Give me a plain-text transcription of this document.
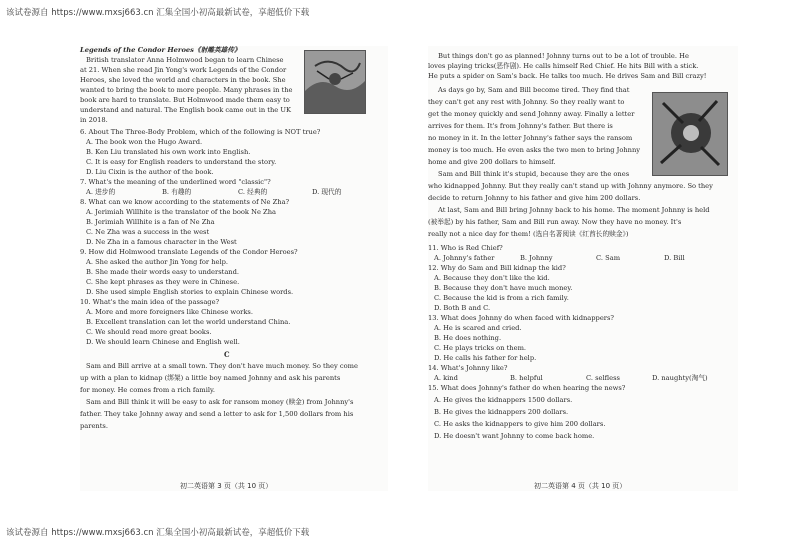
该试卷源自 https://www.mxsj663.cn 汇集全国小初高最新试卷，享超低价下载
该试卷源自 https://www.mxsj663.cn 汇集全国小初高最新试卷，享超低价下载
Legends of the Condor Heroes《射雕英雄传》
British translator Anna Holmwood began to learn Chinese
at 21. When she read Jin Yong's work Legends of the Condor
Heroes, she loved the world and characters in the book. She
wanted to bring the book to more people. Many phrases in the
book are hard to translate. But Holmwood made them easy to
understand and natural. The English book came out in the UK
in 2018.
6. About The Three-Body Problem, which of the following is NOT true?
A. The book won the Hugo Award.
B. Ken Liu translated his own work into English.
C. It is easy for English readers to understand the story.
D. Liu Cixin is the author of the book.
7. What's the meaning of the underlined word "classic"?
A. 进步的	B. 有趣的	C. 经典的	D. 现代的
8. What can we know according to the statements of Ne Zha?
A. Jerimiah Willhite is the translator of the book Ne Zha
B. Jerimiah Willhite is a fan of Ne Zha
C. Ne Zha was a success in the west
D. Ne Zha in a famous character in the West
9. How did Holmwood translate Legends of the Condor Heroes?
A. She asked the author Jin Yong for help.
B. She made their words easy to understand.
C. She kept phrases as they were in Chinese.
D. She used simple English stories to explain Chinese words.
10. What's the main idea of the passage?
A. More and more foreigners like Chinese works.
B. Excellent translation can let the world understand China.
C. We should read more great books.
D. We should learn Chinese and English well.
C
Sam and Bill arrive at a small town. They don't have much money. So they come
up with a plan to kidnap (绑架) a little boy named Johnny and ask his parents
for money. He comes from a rich family.
Sam and Bill think it will be easy to ask for ransom money (赎金) from Johnny's
father. They take Johnny away and send a letter to ask for 1,500 dollars from his
parents.
初二英语第 3 页（共 10 页）
But things don't go as planned! Johnny turns out to be a lot of trouble. He
loves playing tricks(恶作剧). He calls himself Red Chief. He hits Bill with a stick.
He puts a spider on Sam's back. He talks too much. He drives Sam and Bill crazy!
As days go by, Sam and Bill become tired. They find that
they can't get any rest with Johnny. So they really want to
get the money quickly and send Johnny away. Finally a letter
arrives for them. It's from Johnny's father. But there is
no money in it. In the letter Johnny's father says the ransom
money is too much. He even asks the two men to bring Johnny
home and give 200 dollars to himself.
Sam and Bill think it's stupid, because they are the ones
who kidnapped Johnny. But they really can't stand up with Johnny anymore. So they
decide to return Johnny to his father and give him 200 dollars.
At last, Sam and Bill bring Johnny back to his home. The moment Johnny is held
(被举起) by his father, Sam and Bill run away. Now they have no money. It's
really not a nice day for them! (选自名著阅读《红酋长的赎金》)
11. Who is Red Chief?
A. Johnny's father	B. Johnny	C. Sam	D. Bill
12. Why do Sam and Bill kidnap the kid?
A. Because they don't like the kid.
B. Because they don't have much money.
C. Because the kid is from a rich family.
D. Both B and C.
13. What does Johnny do when faced with kidnappers?
A. He is scared and cried.
B. He does nothing.
C. He plays tricks on them.
D. He calls his father for help.
14. What's Johnny like?
A. kind	B. helpful	C. selfless	D. naughty(淘气)
15. What does Johnny's father do when hearing the news?
A. He gives the kidnappers 1500 dollars.
B. He gives the kidnappers 200 dollars.
C. He asks the kidnappers to give him 200 dollars.
D. He doesn't want Johnny to come back home.
初二英语第 4 页（共 10 页）
